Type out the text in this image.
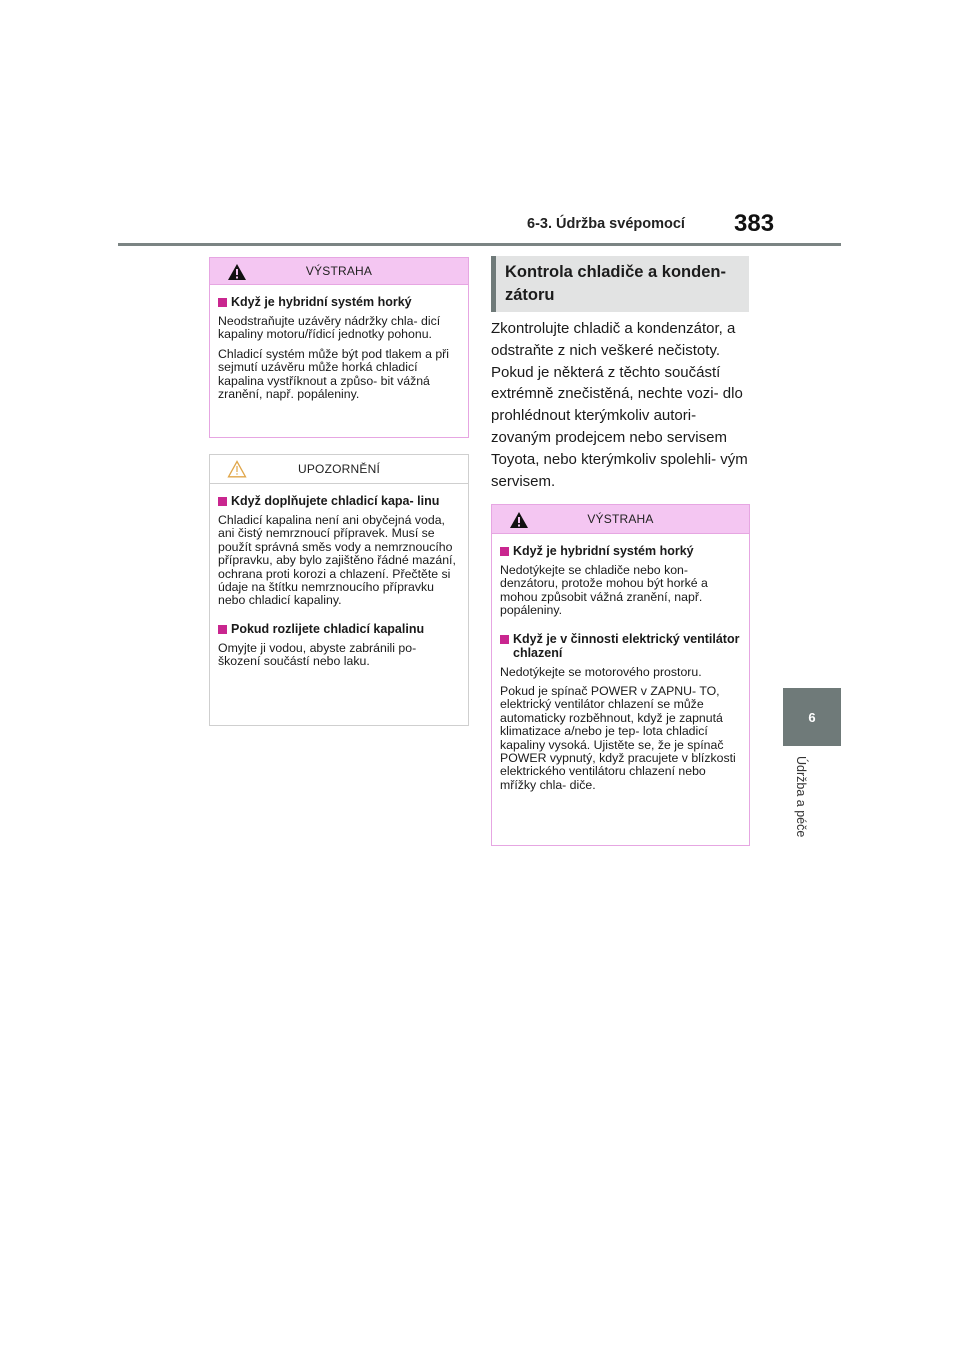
6-3. Údržba svépomocí 383
6
Údržba a péče
VÝSTRAHA
Když je hybridní systém horký

Neodstraňujte uzávěry nádržky chla- dicí kapaliny motoru/řídicí jednotky pohonu.

Chladicí systém může být pod tlakem a při sejmutí uzávěru může horká chladicí kapalina vystříknout a způso- bit vážná zranění, např. popáleniny.

UPOZORNĚNÍ
Když doplňujete chladicí kapa- linu

Chladicí kapalina není ani obyčejná voda, ani čistý nemrznoucí přípravek. Musí se použít správná směs vody a nemrznoucího přípravku, aby bylo zajištěno řádné mazání, ochrana proti korozi a chlazení. Přečtěte si údaje na štítku nemrznoucího přípravku nebo chladicí kapaliny.

Pokud rozlijete chladicí kapalinu

Omyjte ji vodou, abyste zabránili po- škození součástí nebo laku.

Kontrola chladiče a konden- zátoru
Zkontrolujte chladič a kondenzátor, a odstraňte z nich veškeré nečistoty. Pokud je některá z těchto součástí extrémně znečistěná, nechte vozi- dlo prohlédnout kterýmkoliv autori- zovaným prodejcem nebo servisem Toyota, nebo kterýmkoliv spolehli- vým servisem.
VÝSTRAHA
Když je hybridní systém horký

Nedotýkejte se chladiče nebo kon- denzátoru, protože mohou být horké a mohou způsobit vážná zranění, např. popáleniny.

Když je v činnosti elektrický ventilátor chlazení

Nedotýkejte se motorového prostoru.

Pokud je spínač POWER v ZAPNU- TO, elektrický ventilátor chlazení se může automaticky rozběhnout, když je zapnutá klimatizace a/nebo je tep- lota chladicí kapaliny vysoká. Ujistěte se, že je spínač POWER vypnutý, když pracujete v blízkosti elektrického ventilátoru chlazení nebo mřížky chla- diče.
